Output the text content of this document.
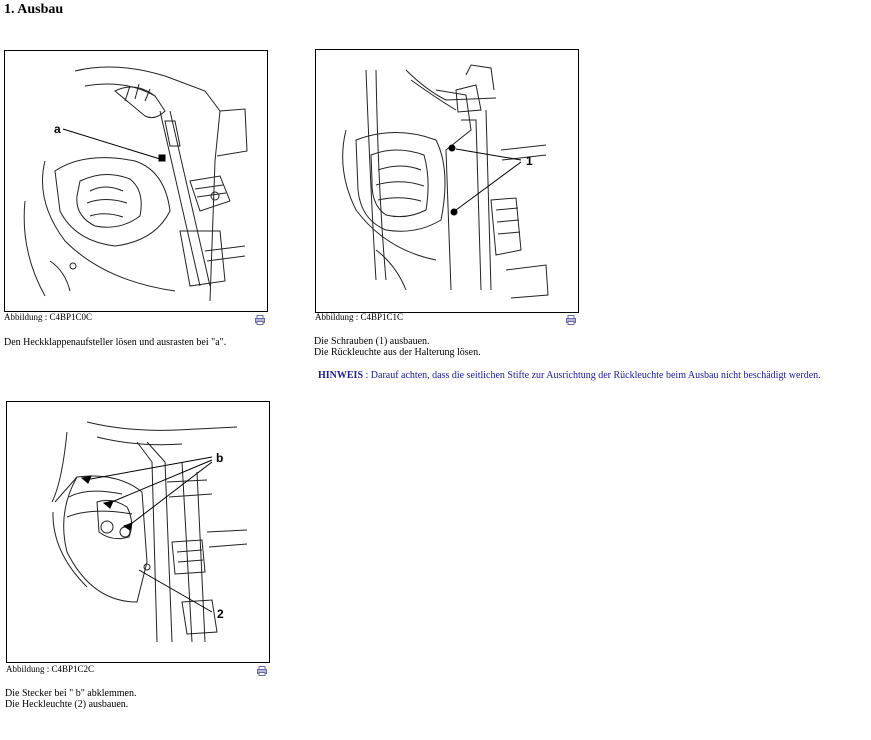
1. Ausbau
a
Abbildung : C4BP1C0C
Den Heckklappenaufsteller lösen und ausrasten bei "a".
1
Abbildung : C4BP1C1C
Die Schrauben (1) ausbauen.
Die Rückleuchte aus der Halterung lösen.
HINWEIS : Darauf achten, dass die seitlichen Stifte zur Ausrichtung der Rückleuchte beim Ausbau nicht beschädigt werden.
b
2
Abbildung : C4BP1C2C
Die Stecker bei " b" abklemmen.
Die Heckleuchte (2) ausbauen.
